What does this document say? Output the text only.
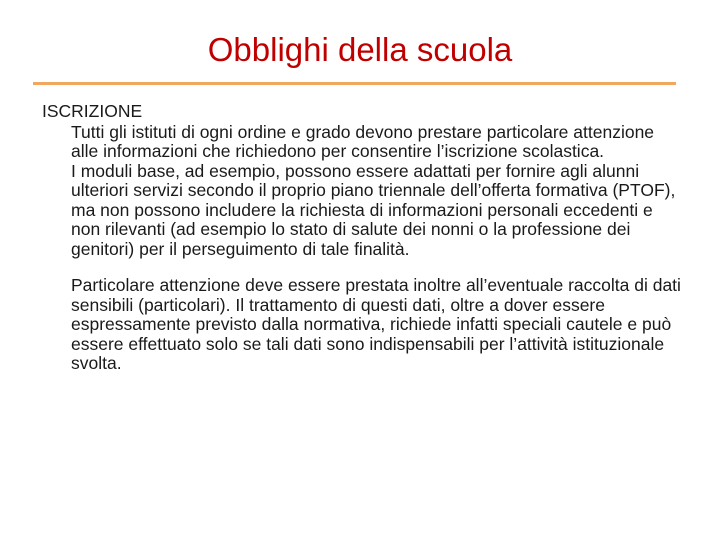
Obblighi della scuola
ISCRIZIONE
Tutti gli istituti di ogni ordine e grado devono prestare particolare attenzione alle informazioni che richiedono per consentire l’iscrizione scolastica.
I moduli base, ad esempio, possono essere adattati per fornire agli alunni ulteriori servizi secondo il proprio piano triennale dell’offerta formativa (PTOF), ma non possono includere la richiesta di informazioni personali eccedenti e non rilevanti (ad esempio lo stato di salute dei nonni o la professione dei genitori) per il perseguimento di tale finalità.
Particolare attenzione deve essere prestata inoltre all’eventuale raccolta di dati sensibili (particolari). Il trattamento di questi dati, oltre a dover essere espressamente previsto dalla normativa, richiede infatti speciali cautele e può essere effettuato solo se tali dati sono indispensabili per l’attività istituzionale svolta.
